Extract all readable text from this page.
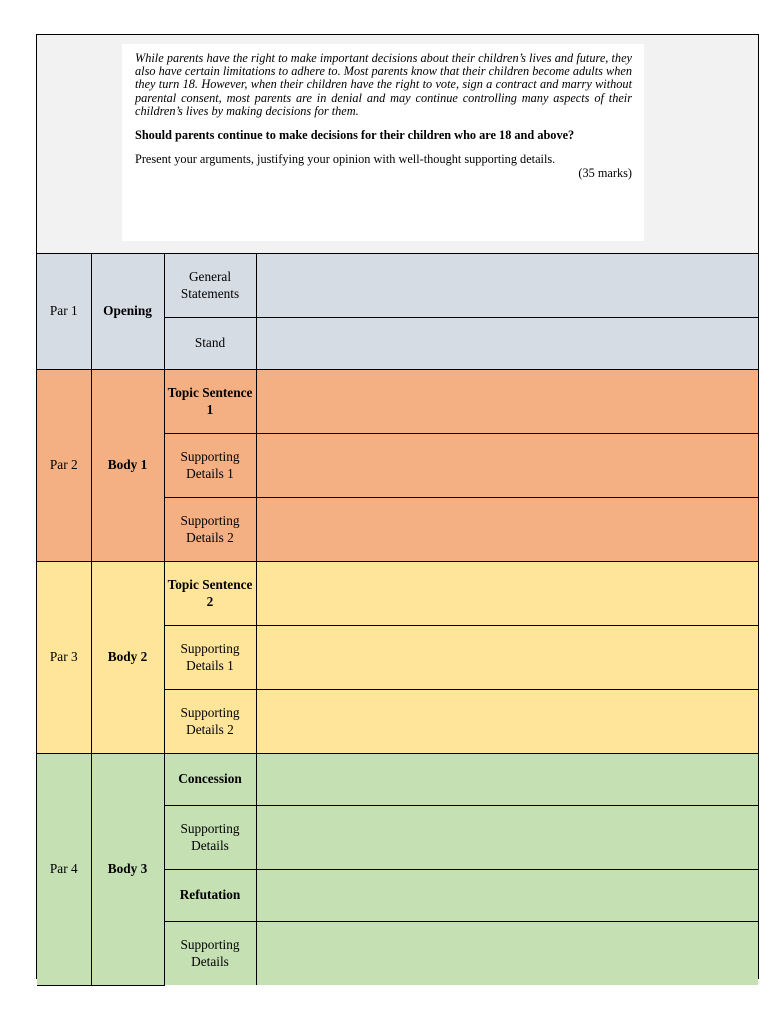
While parents have the right to make important decisions about their children’s lives and future, they also have certain limitations to adhere to. Most parents know that their children become adults when they turn 18. However, when their children have the right to vote, sign a contract and marry without parental consent, most parents are in denial and may continue controlling many aspects of their children’s lives by making decisions for them.

Should parents continue to make decisions for their children who are 18 and above?

Present your arguments, justifying your opinion with well-thought supporting details.

(35 marks)

Par 1	Opening	General Statements	
		Stand	
Par 2	Body 1	Topic Sentence 1	
		Supporting Details 1	
		Supporting Details 2	
Par 3	Body 2	Topic Sentence 2	
		Supporting Details 1	
		Supporting Details 2	
Par 4	Body 3	Concession	
		Supporting Details	
		Refutation	
		Supporting Details	
